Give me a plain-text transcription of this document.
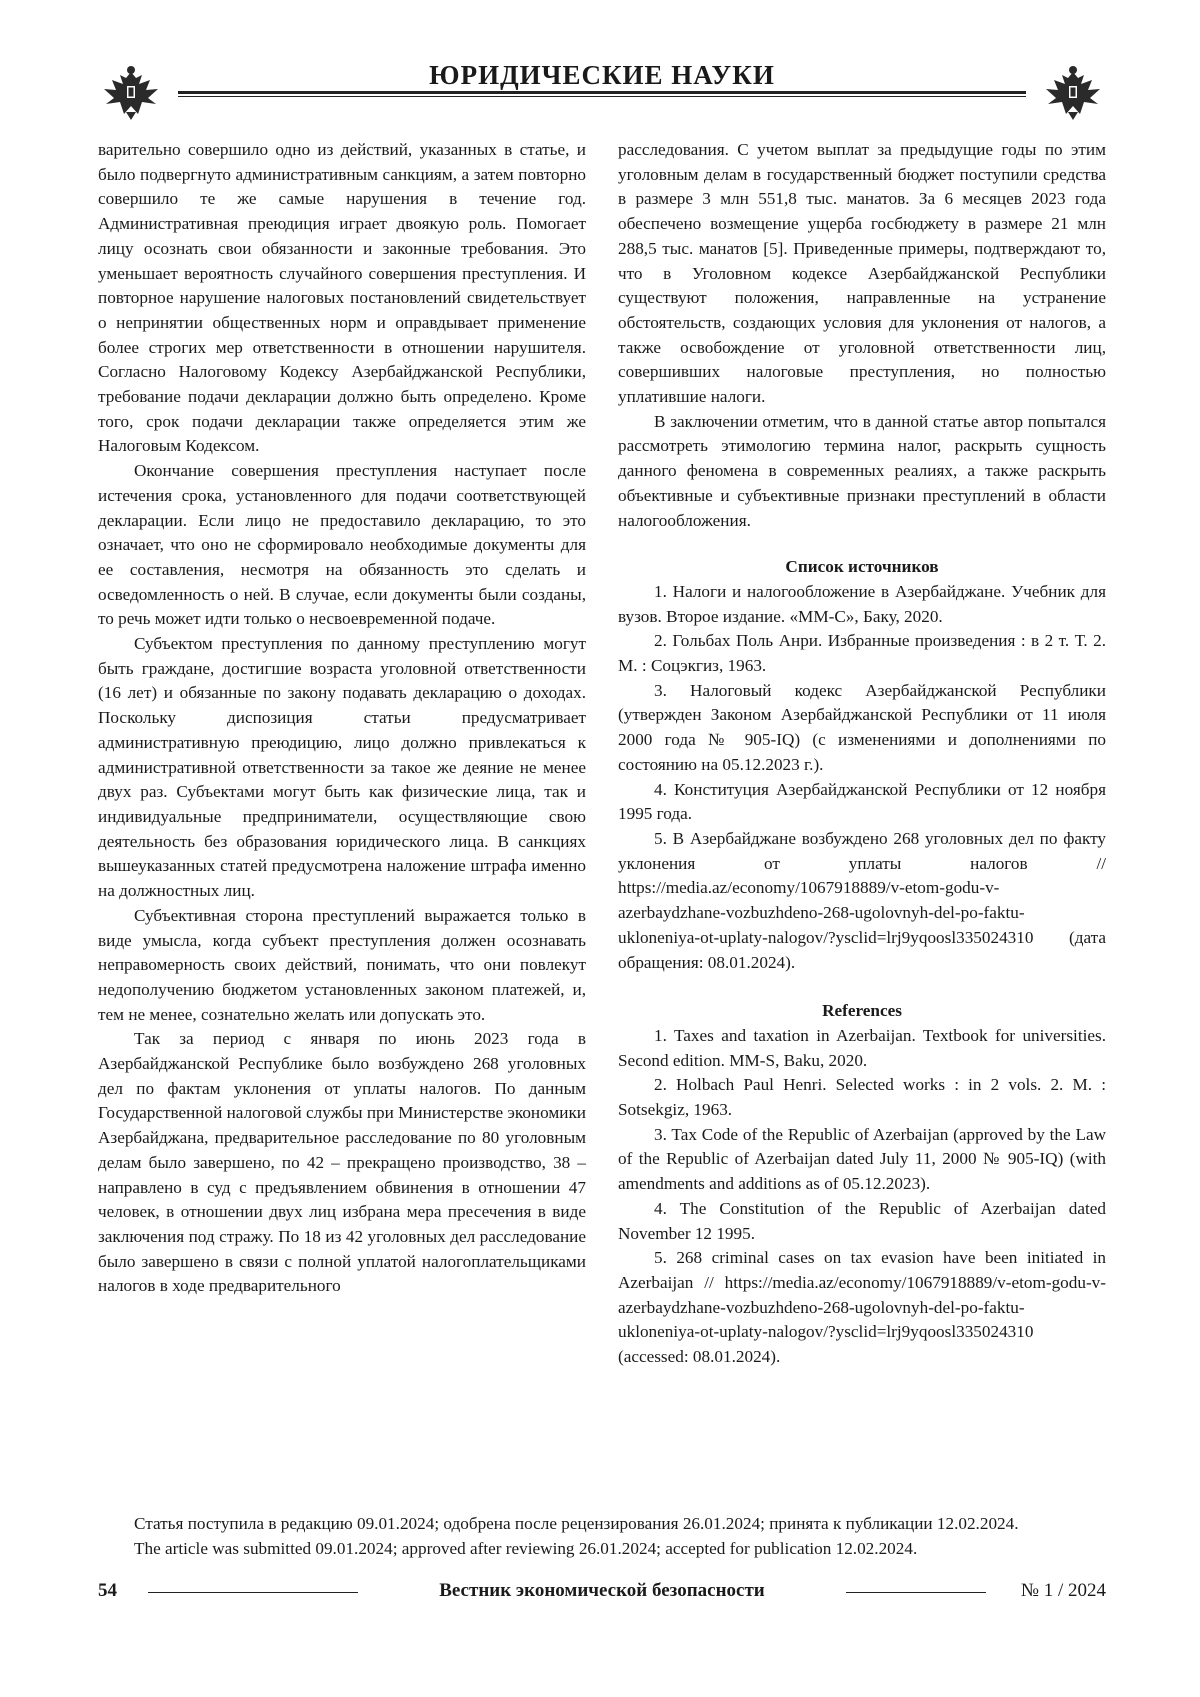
ЮРИДИЧЕСКИЕ НАУКИ

варительно совершило одно из действий, указанных в статье, и было подвергнуто административным санкциям, а затем повторно совершило те же самые нарушения в течение год. Административная преюдиция играет двоякую роль. Помогает лицу осознать свои обязанности и законные требования. Это уменьшает вероятность случайного совершения преступления. И повторное нарушение налоговых постановлений свидетельствует о непринятии общественных норм и оправдывает применение более строгих мер ответственности в отношении нарушителя. Согласно Налоговому Кодексу Азербайджанской Республики, требование подачи декларации должно быть определено. Кроме того, срок подачи декларации также определяется этим же Налоговым Кодексом.

Окончание совершения преступления наступает после истечения срока, установленного для подачи соответствующей декларации. Если лицо не предоставило декларацию, то это означает, что оно не сформировало необходимые документы для ее составления, несмотря на обязанность это сделать и осведомленность о ней. В случае, если документы были созданы, то речь может идти только о несвоевременной подаче.

Субъектом преступления по данному преступлению могут быть граждане, достигшие возраста уголовной ответственности (16 лет) и обязанные по закону подавать декларацию о доходах. Поскольку диспозиция статьи предусматривает административную преюдицию, лицо должно привлекаться к административной ответственности за такое же деяние не менее двух раз. Субъектами могут быть как физические лица, так и индивидуальные предприниматели, осуществляющие свою деятельность без образования юридического лица. В санкциях вышеуказанных статей предусмотрена наложение штрафа именно на должностных лиц.

Субъективная сторона преступлений выражается только в виде умысла, когда субъект преступления должен осознавать неправомерность своих действий, понимать, что они повлекут недополучению бюджетом установленных законом платежей, и, тем не менее, сознательно желать или допускать это.

Так за период с января по июнь 2023 года в Азербайджанской Республике было возбуждено 268 уголовных дел по фактам уклонения от уплаты налогов. По данным Государственной налоговой службы при Министерстве экономики Азербайджана, предварительное расследование по 80 уголовным делам было завершено, по 42 – прекращено производство, 38 – направлено в суд с предъявлением обвинения в отношении 47 человек, в отношении двух лиц избрана мера пресечения в виде заключения под стражу. По 18 из 42 уголовных дел расследование было завершено в связи с полной уплатой налогоплательщиками налогов в ходе предварительного

расследования. С учетом выплат за предыдущие годы по этим уголовным делам в государственный бюджет поступили средства в размере 3 млн 551,8 тыс. манатов. За 6 месяцев 2023 года обеспечено возмещение ущерба госбюджету в размере 21 млн 288,5 тыс. манатов [5]. Приведенные примеры, подтверждают то, что в Уголовном кодексе Азербайджанской Республики существуют положения, направленные на устранение обстоятельств, создающих условия для уклонения от налогов, а также освобождение от уголовной ответственности лиц, совершивших налоговые преступления, но полностью уплатившие налоги.

В заключении отметим, что в данной статье автор попытался рассмотреть этимологию термина налог, раскрыть сущность данного феномена в современных реалиях, а также раскрыть объективные и субъективные признаки преступлений в области налогообложения.

Список источников

1. Налоги и налогообложение в Азербайджане. Учебник для вузов. Второе издание. «ММ-С», Баку, 2020.

2. Гольбах Поль Анри. Избранные произведения : в 2 т. Т. 2. М. : Соцэкгиз, 1963.

3. Налоговый кодекс Азербайджанской Республики (утвержден Законом Азербайджанской Республики от 11 июля 2000 года № 905-IQ) (с изменениями и дополнениями по состоянию на 05.12.2023 г.).

4. Конституция Азербайджанской Республики от 12 ноября 1995 года.

5. В Азербайджане возбуждено 268 уголовных дел по факту уклонения от уплаты налогов // https://media.az/economy/1067918889/v-etom-godu-v-azerbaydzhane-vozbuzhdeno-268-ugolovnyh-del-po-faktu-ukloneniya-ot-uplaty-nalogov/?ysclid=lrj9yqoosl335024310 (дата обращения: 08.01.2024).

References

1. Taxes and taxation in Azerbaijan. Textbook for universities. Second edition. MM-S, Baku, 2020.

2. Holbach Paul Henri. Selected works : in 2 vols. 2. M. : Sotsekgiz, 1963.

3. Tax Code of the Republic of Azerbaijan (approved by the Law of the Republic of Azerbaijan dated July 11, 2000 № 905-IQ) (with amendments and additions as of 05.12.2023).

4. The Constitution of the Republic of Azerbaijan dated November 12 1995.

5. 268 criminal cases on tax evasion have been initiated in Azerbaijan // https://media.az/economy/1067918889/v-etom-godu-v-azerbaydzhane-vozbuzhdeno-268-ugolovnyh-del-po-faktu-ukloneniya-ot-uplaty-nalogov/?ysclid=lrj9yqoosl335024310 (accessed: 08.01.2024).

Статья поступила в редакцию 09.01.2024; одобрена после рецензирования 26.01.2024; принята к публикации 12.02.2024.

The article was submitted 09.01.2024; approved after reviewing 26.01.2024; accepted for publication 12.02.2024.

54	Вестник экономической безопасности	№ 1 / 2024
